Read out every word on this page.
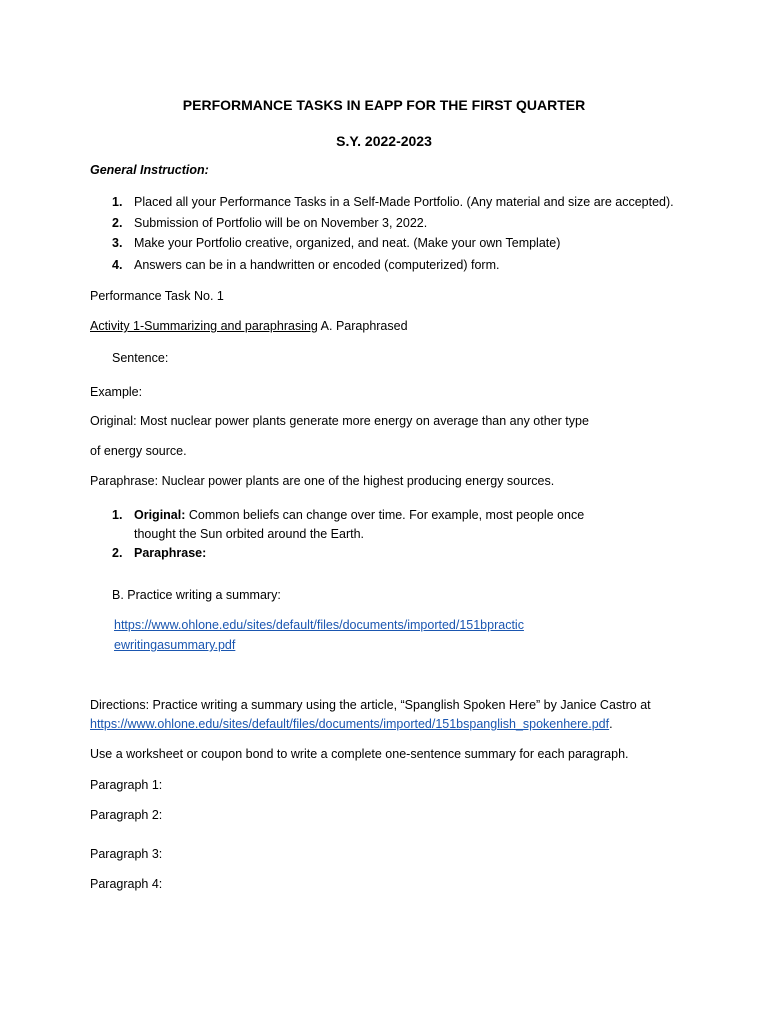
PERFORMANCE TASKS IN EAPP FOR THE FIRST QUARTER
S.Y. 2022-2023
General Instruction:
1. Placed all your Performance Tasks in a Self-Made Portfolio. (Any material and size are accepted).
2. Submission of Portfolio will be on November 3, 2022.
3. Make your Portfolio creative, organized, and neat. (Make your own Template)
4. Answers can be in a handwritten or encoded (computerized) form.
Performance Task No. 1
Activity 1-Summarizing and paraphrasing A. Paraphrased
Sentence:
Example:
Original: Most nuclear power plants generate more energy on average than any other type
of energy source.
Paraphrase: Nuclear power plants are one of the highest producing energy sources.
1. Original: Common beliefs can change over time. For example, most people once
thought the Sun orbited around the Earth.
2. Paraphrase:
B. Practice writing a summary:
https://www.ohlone.edu/sites/default/files/documents/imported/151bpractic
ewritingasummary.pdf
Directions: Practice writing a summary using the article, “Spanglish Spoken Here” by Janice Castro at
https://www.ohlone.edu/sites/default/files/documents/imported/151bspanglish_spokenhere.pdf.
Use a worksheet or coupon bond to write a complete one-sentence summary for each paragraph.
Paragraph 1:
Paragraph 2:
Paragraph 3:
Paragraph 4:
